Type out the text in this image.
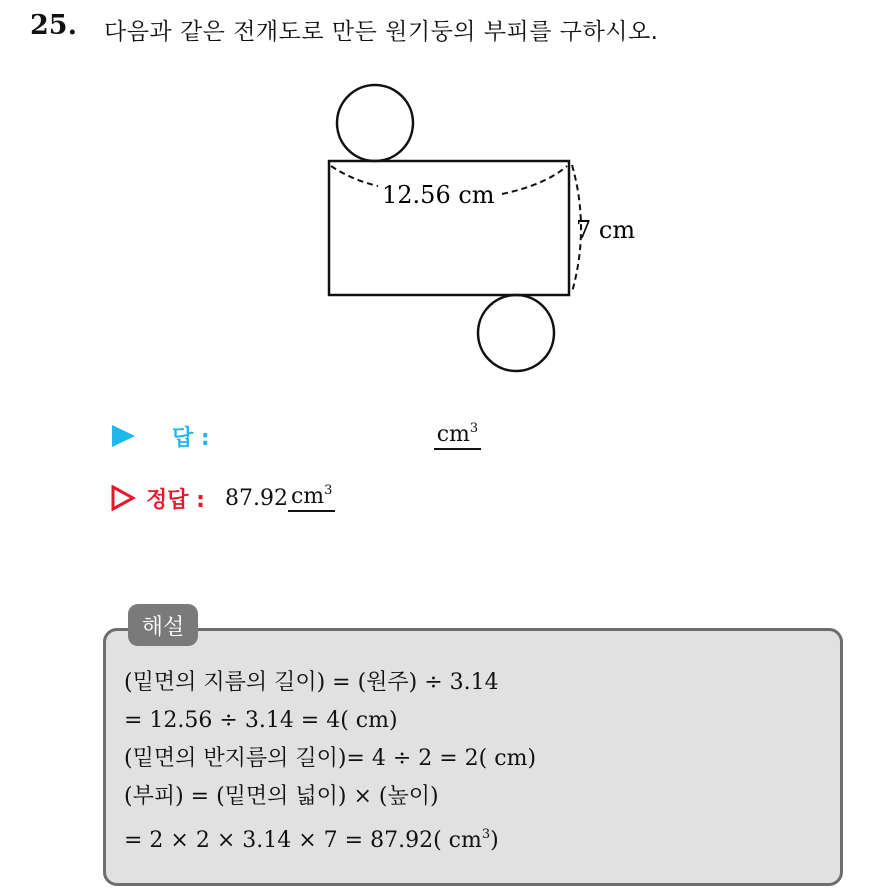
25. 다음과 같은 전개도로 만든 원기둥의 부피를 구하시오.
12.56 cm
7 cm
답 :	$cm^3$
정답 : 87.92 $cm^3$
해설
(밑면의 지름의 길이) = (원주) ÷ 3.14
= 12.56 ÷ 3.14 = 4( cm)
(밑면의 반지름의 길이)= 4 ÷ 2 = 2( cm)
(부피) = (밑면의 넓이) × (높이)
= 2 × 2 × 3.14 × 7 = 87.92( $cm^3$)
